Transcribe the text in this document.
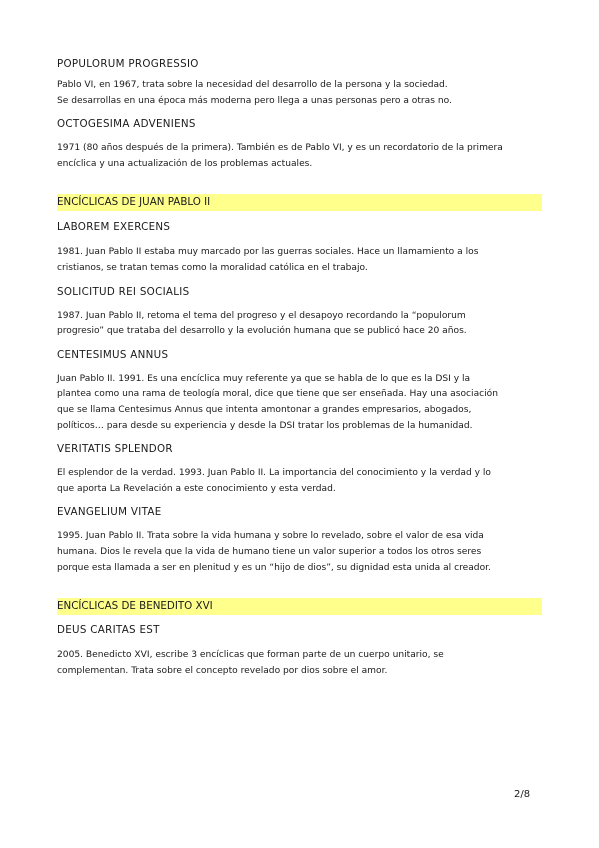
POPULORUM PROGRESSIO

Pablo VI, en 1967, trata sobre la necesidad del desarrollo de la persona y la sociedad.
Se desarrollas en una época más moderna pero llega a unas personas pero a otras no.

OCTOGESIMA ADVENIENS

1971 (80 años después de la primera). También es de Pablo VI, y es un recordatorio de la primera
encíclica y una actualización de los problemas actuales.

ENCÍCLICAS DE JUAN PABLO II

LABOREM EXERCENS

1981. Juan Pablo II estaba muy marcado por las guerras sociales. Hace un llamamiento a los
cristianos, se tratan temas como la moralidad católica en el trabajo.

SOLICITUD REI SOCIALIS

1987. Juan Pablo II, retoma el tema del progreso y el desapoyo recordando la “populorum
progresio” que trataba del desarrollo y la evolución humana que se publicó hace 20 años.

CENTESIMUS ANNUS

Juan Pablo II. 1991. Es una encíclica muy referente ya que se habla de lo que es la DSI y la
plantea como una rama de teología moral, dice que tiene que ser enseñada. Hay una asociación
que se llama Centesimus Annus que intenta amontonar a grandes empresarios, abogados,
políticos… para desde su experiencia y desde la DSI tratar los problemas de la humanidad.

VERITATIS SPLENDOR

El esplendor de la verdad. 1993. Juan Pablo II. La importancia del conocimiento y la verdad y lo
que aporta La Revelación a este conocimiento y esta verdad.

EVANGELIUM VITAE

1995. Juan Pablo II. Trata sobre la vida humana y sobre lo revelado, sobre el valor de esa vida
humana. Dios le revela que la vida de humano tiene un valor superior a todos los otros seres
porque esta llamada a ser en plenitud y es un “hijo de dios”, su dignidad esta unida al creador.

ENCÍCLICAS DE BENEDITO XVI

DEUS CARITAS EST

2005. Benedicto XVI, escribe 3 encíclicas que forman parte de un cuerpo unitario, se
complementan. Trata sobre el concepto revelado por dios sobre el amor.

2/8
